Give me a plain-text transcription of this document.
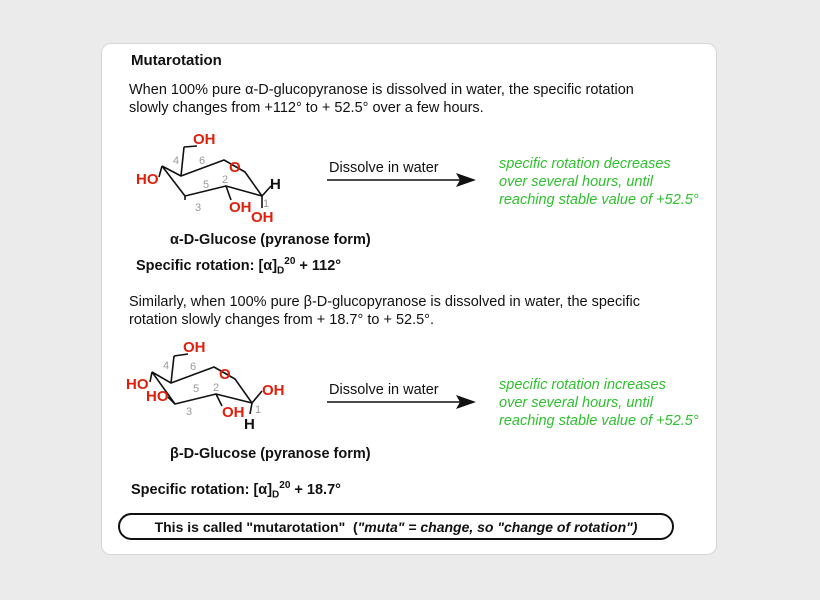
Mutarotation
When 100% pure α-D-glucopyranose is dissolved in water, the specific rotation
slowly changes from +112° to + 52.5° over a few hours.
OH
O
HO
OH
OH
H
1
2
3
4
5
6	Dissolve in water	specific rotation decreases
over several hours, until
reaching stable value of +52.5°
α-D-Glucose (pyranose form)
Specific rotation: $[\alpha]_D^{20} + 112^\circ$
Similarly, when 100% pure β-D-glucopyranose is dissolved in water, the specific
rotation slowly changes from + 18.7° to + 52.5°.
OH
O
HO
HO
OH
OH
H
1
2
3
4
5
6
Dissolve in water	specific rotation increases
over several hours, until
reaching stable value of +52.5°
β-D-Glucose (pyranose form)
Specific rotation: $[\alpha]_D^{20} + 18.7^\circ$
This is called "mutarotation"  ( "muta" = change, so "change of rotation")
